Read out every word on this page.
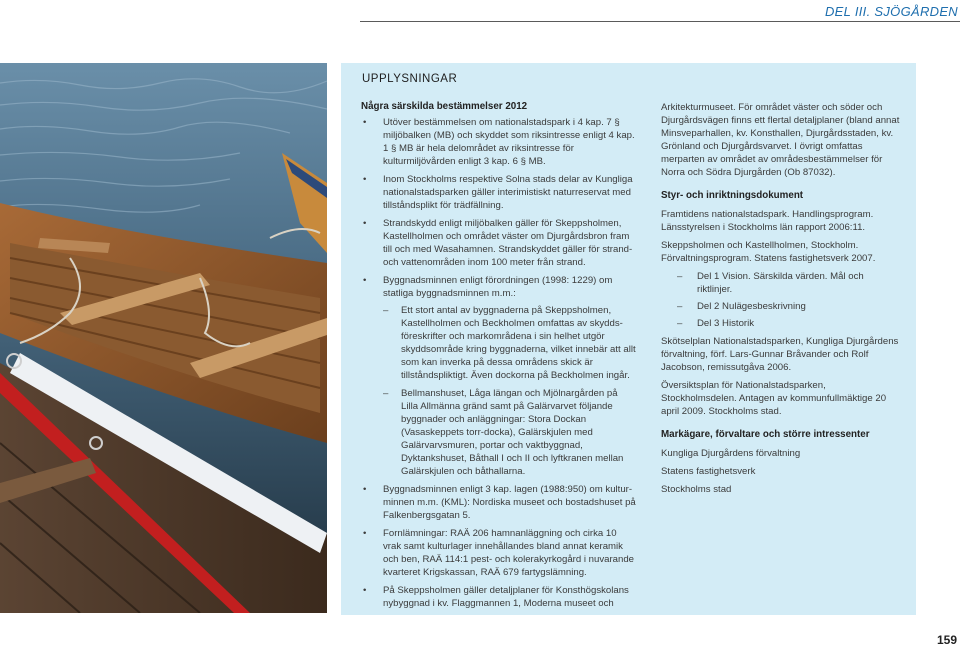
DEL III. SJÖGÅRDEN
UPPLYSNINGAR
Några särskilda bestämmelser 2012
• Utöver bestämmelsen om nationalstadspark i 4 kap. 7 § miljöbalken (MB) och skyddet som riksintresse enligt 4 kap. 1 § MB är hela delområdet av riksintresse för kulturmiljövården enligt 3 kap. 6 § MB.
• Inom Stockholms respektive Solna stads delar av Kungliga nationalstadsparken gäller interimistiskt naturreservat med tillståndsplikt för trädfällning.
• Strandskydd enligt miljöbalken gäller för Skeppsholmen, Kastellholmen och området väster om Djurgårdsbron fram till och med Wasahamnen. Strandskyddet gäller för strand- och vattenområden inom 100 meter från strand.
• Byggnadsminnen enligt förordningen (1998: 1229) om statliga byggnadsminnen m.m.:
– Ett stort antal av byggnaderna på Skeppsholmen, Kastellholmen och Beckholmen omfattas av skydds-föreskrifter och markområdena i sin helhet utgör skyddsområde kring byggnaderna, vilket innebär att allt som kan inverka på dessa områdens skick är tillståndspliktigt. Även dockorna på Beckholmen ingår.
– Bellmanshuset, Låga längan och Mjölnargården på Lilla Allmänna gränd samt på Galärvarvet följande byggnader och anläggningar: Stora Dockan (Vasaskeppets torr-docka), Galärskjulen med Galärvarvsmuren, portar och vaktbyggnad, Dyktankshuset, Båthall I och II och lyftkranen mellan Galärskjulen och båthallarna.
• Byggnadsminnen enligt 3 kap. lagen (1988:950) om kultur-minnen m.m. (KML): Nordiska museet och bostadshuset på Falkenbergsgatan 5.
• Fornlämningar: RAÄ 206 hamnanläggning och cirka 10 vrak samt kulturlager innehållandes bland annat keramik och ben, RAÄ 114:1 pest- och kolerakyrkogård i nuvarande kvarteret Krigskassan, RAÄ 679 fartygslämning.
• På Skeppsholmen gäller detaljplaner för Konsthögskolans nybyggnad i kv. Flaggmannen 1, Moderna museet och

Arkitekturmuseet. För området väster och söder och Djurgårdsvägen finns ett flertal detaljplaner (bland annat Minsveparhallen, kv. Konsthallen, Djurgårdsstaden, kv. Grönland och Djurgårdsvarvet. I övrigt omfattas merparten av området av områdesbestämmelser för Norra och Södra Djurgården (Ob 87032).

Styr- och inriktningsdokument

Framtidens nationalstadspark. Handlingsprogram. Länsstyrelsen i Stockholms län rapport 2006:11.

Skeppsholmen och Kastellholmen, Stockholm. Förvaltningsprogram. Statens fastighetsverk 2007.

– Del 1 Vision. Särskilda värden. Mål och riktlinjer.
– Del 2 Nulägesbeskrivning
– Del 3 Historik

Skötselplan Nationalstadsparken, Kungliga Djurgårdens förvaltning, förf. Lars-Gunnar Bråvander och Rolf Jacobson, remissutgåva 2006.

Översiktsplan för Nationalstadsparken, Stockholmsdelen. Antagen av kommunfullmäktige 20 april 2009. Stockholms stad.

Markägare, förvaltare och större intressenter

Kungliga Djurgårdens förvaltning

Statens fastighetsverk

Stockholms stad

159
